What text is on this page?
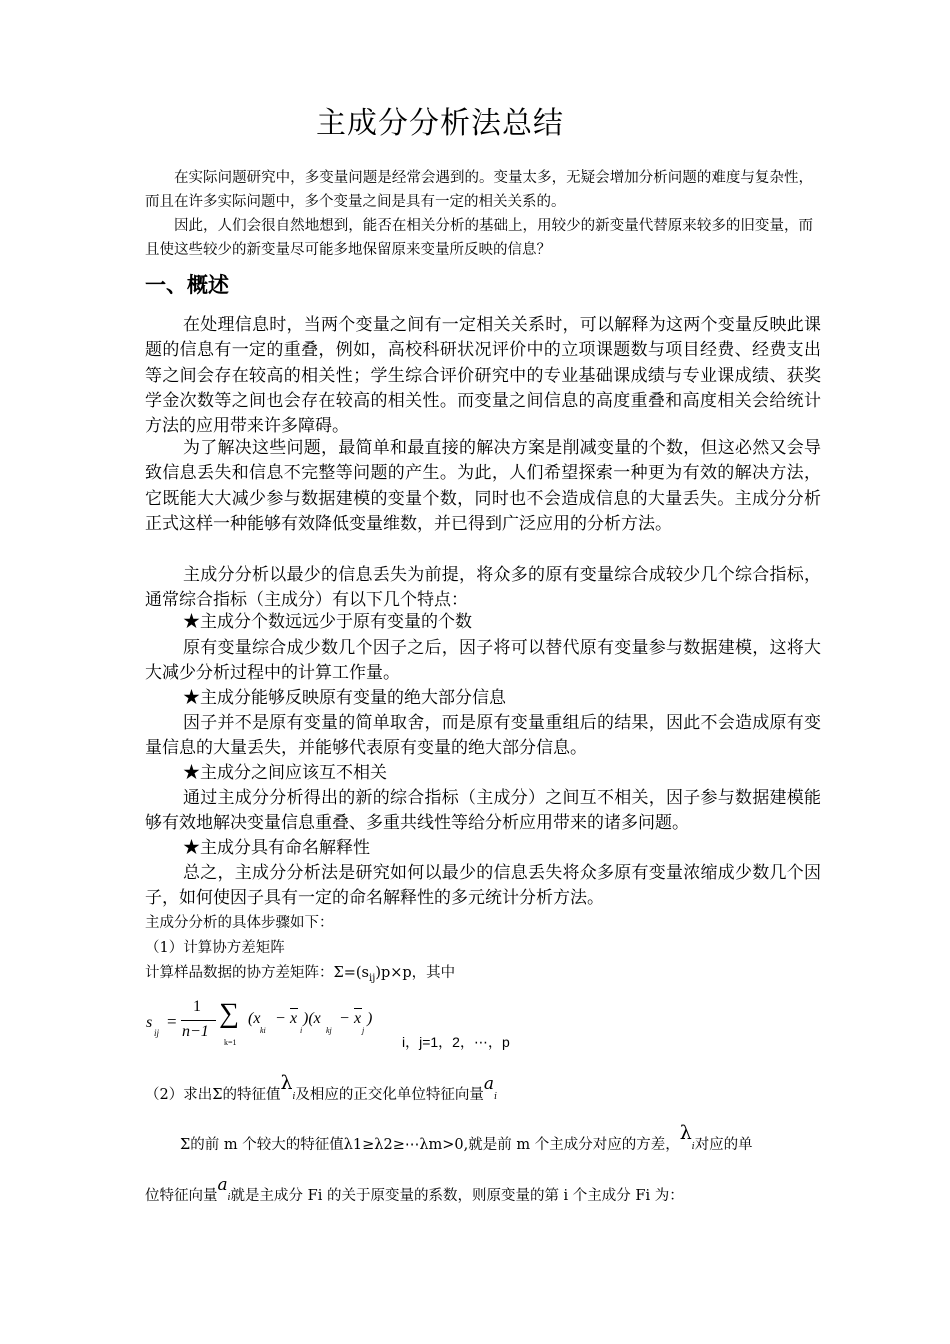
主成分分析法总结
在实际问题研究中，多变量问题是经常会遇到的。变量太多，无疑会增加分析问题的难度与复杂性，而且在许多实际问题中，多个变量之间是具有一定的相关关系的。
因此，人们会很自然地想到，能否在相关分析的基础上，用较少的新变量代替原来较多的旧变量，而且使这些较少的新变量尽可能多地保留原来变量所反映的信息？
一、概述
在处理信息时，当两个变量之间有一定相关关系时，可以解释为这两个变量反映此课题的信息有一定的重叠，例如，高校科研状况评价中的立项课题数与项目经费、经费支出等之间会存在较高的相关性；学生综合评价研究中的专业基础课成绩与专业课成绩、获奖学金次数等之间也会存在较高的相关性。而变量之间信息的高度重叠和高度相关会给统计方法的应用带来许多障碍。
为了解决这些问题，最简单和最直接的解决方案是削减变量的个数，但这必然又会导致信息丢失和信息不完整等问题的产生。为此，人们希望探索一种更为有效的解决方法，它既能大大减少参与数据建模的变量个数，同时也不会造成信息的大量丢失。主成分分析正式这样一种能够有效降低变量维数，并已得到广泛应用的分析方法。
主成分分析以最少的信息丢失为前提，将众多的原有变量综合成较少几个综合指标，通常综合指标（主成分）有以下几个特点：
★主成分个数远远少于原有变量的个数
原有变量综合成少数几个因子之后，因子将可以替代原有变量参与数据建模，这将大大减少分析过程中的计算工作量。
★主成分能够反映原有变量的绝大部分信息
因子并不是原有变量的简单取舍，而是原有变量重组后的结果，因此不会造成原有变量信息的大量丢失，并能够代表原有变量的绝大部分信息。
★主成分之间应该互不相关
通过主成分分析得出的新的综合指标（主成分）之间互不相关，因子参与数据建模能够有效地解决变量信息重叠、多重共线性等给分析应用带来的诸多问题。
★主成分具有命名解释性
总之，主成分分析法是研究如何以最少的信息丢失将众多原有变量浓缩成少数几个因子，如何使因子具有一定的命名解释性的多元统计分析方法。
主成分分析的具体步骤如下：
（1）计算协方差矩阵
计算样品数据的协方差矩阵：$\Sigma=(s_{ij})p\times p$，其中
s
ij
=
1
n−1
∑
k=1
(x
ki
− x
i
)(x
kj
− x
j
)
i，j=1，2，⋯，p
（2）求出Σ的特征值λi及相应的正交化单位特征向量ai
Σ的前 m 个较大的特征值λ1≥λ2≥⋯λm>0,就是前 m 个主成分对应的方差，λi对应的单
位特征向量ai就是主成分 Fi 的关于原变量的系数，则原变量的第 i 个主成分 Fi 为：
